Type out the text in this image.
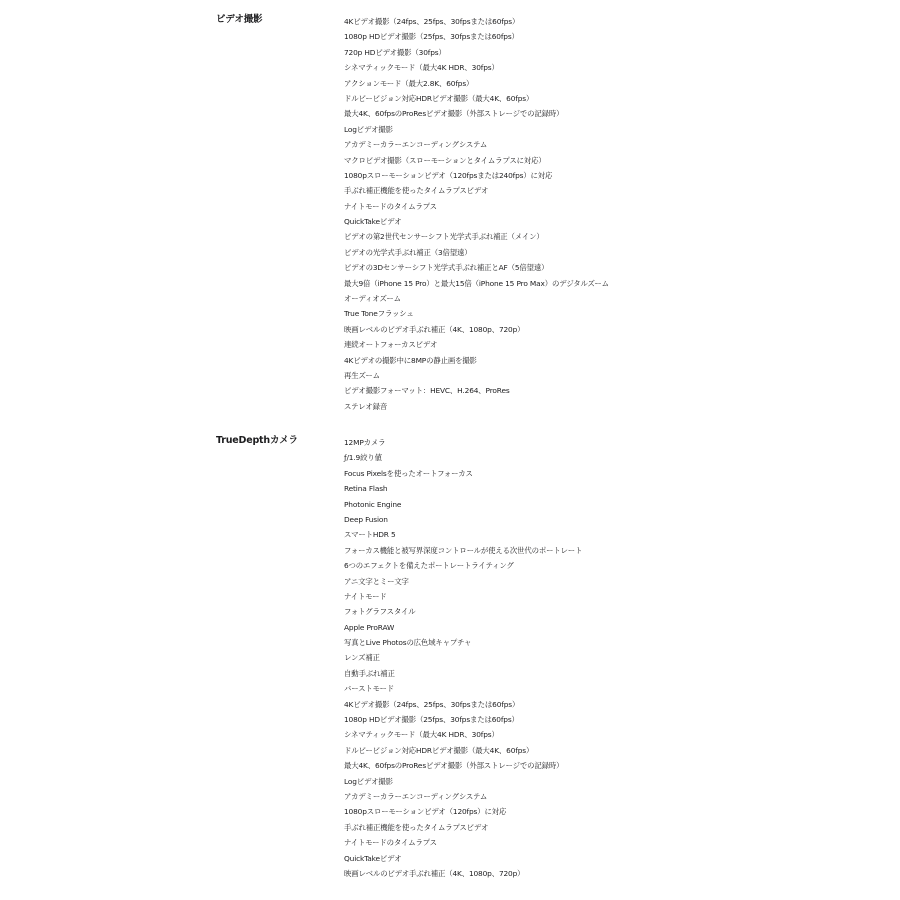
ビデオ撮影	4Kビデオ撮影（24fps、25fps、30fpsまたは60fps）
1080p HDビデオ撮影（25fps、30fpsまたは60fps）
720p HDビデオ撮影（30fps）
シネマティックモード（最大4K HDR、30fps）
アクションモード（最大2.8K、60fps）
ドルビービジョン対応HDRビデオ撮影（最大4K、60fps）
最大4K、60fpsのProResビデオ撮影（外部ストレージでの記録時）
Logビデオ撮影
アカデミーカラーエンコーディングシステム
マクロビデオ撮影（スローモーションとタイムラプスに対応）
1080pスローモーションビデオ（120fpsまたは240fps）に対応
手ぶれ補正機能を使ったタイムラプスビデオ
ナイトモードのタイムラプス
QuickTakeビデオ
ビデオの第2世代センサーシフト光学式手ぶれ補正（メイン）
ビデオの光学式手ぶれ補正（3倍望遠）
ビデオの3Dセンサーシフト光学式手ぶれ補正とAF（5倍望遠）
最大9倍（iPhone 15 Pro）と最大15倍（iPhone 15 Pro Max）のデジタルズーム
オーディオズーム
True Toneフラッシュ
映画レベルのビデオ手ぶれ補正（4K、1080p、720p）
連続オートフォーカスビデオ
4Kビデオの撮影中に8MPの静止画を撮影
再生ズーム
ビデオ撮影フォーマット：HEVC、H.264、ProRes
ステレオ録音
TrueDepthカメラ	12MPカメラ
ƒ/1.9絞り値
Focus Pixelsを使ったオートフォーカス
Retina Flash
Photonic Engine
Deep Fusion
スマートHDR 5
フォーカス機能と被写界深度コントロールが使える次世代のポートレート
6つのエフェクトを備えたポートレートライティング
アニ文字とミー文字
ナイトモード
フォトグラフスタイル
Apple ProRAW
写真とLive Photosの広色域キャプチャ
レンズ補正
自動手ぶれ補正
バーストモード
4Kビデオ撮影（24fps、25fps、30fpsまたは60fps）
1080p HDビデオ撮影（25fps、30fpsまたは60fps）
シネマティックモード（最大4K HDR、30fps）
ドルビービジョン対応HDRビデオ撮影（最大4K、60fps）
最大4K、60fpsのProResビデオ撮影（外部ストレージでの記録時）
Logビデオ撮影
アカデミーカラーエンコーディングシステム
1080pスローモーションビデオ（120fps）に対応
手ぶれ補正機能を使ったタイムラプスビデオ
ナイトモードのタイムラプス
QuickTakeビデオ
映画レベルのビデオ手ぶれ補正（4K、1080p、720p）
